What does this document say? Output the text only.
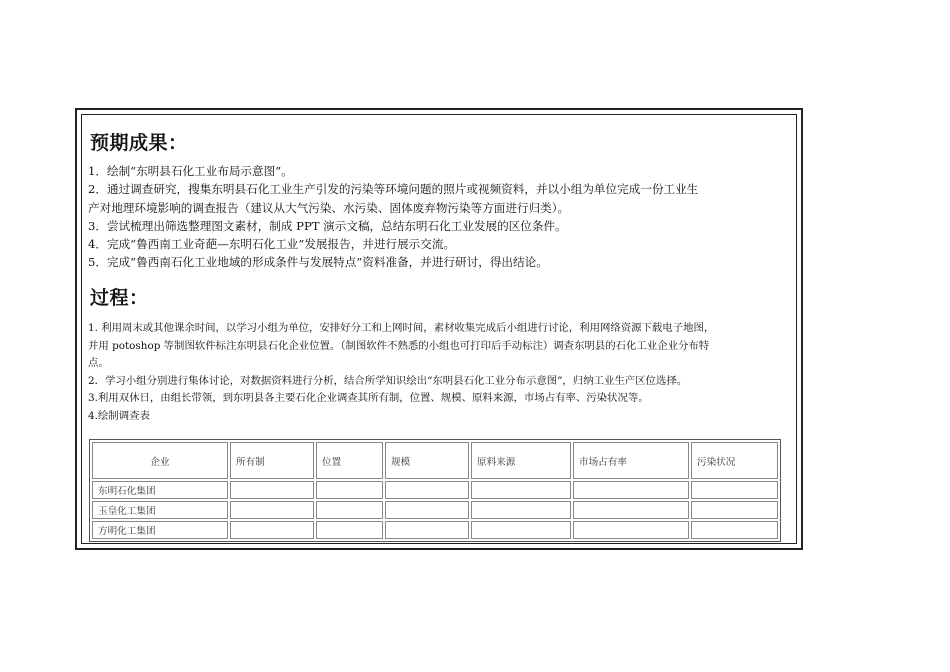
预期成果：
1．绘制“东明县石化工业布局示意图”。
2．通过调查研究，搜集东明县石化工业生产引发的污染等环境问题的照片或视频资料，并以小组为单位完成一份工业生
产对地理环境影响的调查报告（建议从大气污染、水污染、固体废弃物污染等方面进行归类）。
3．尝试梳理出筛选整理图文素材，制成 PPT 演示文稿，总结东明石化工业发展的区位条件。
4．完成“鲁西南工业奇葩—东明石化工业”发展报告，并进行展示交流。
5．完成“鲁西南石化工业地域的形成条件与发展特点”资料准备，并进行研讨，得出结论。
过程：
1. 利用周末或其他课余时间，以学习小组为单位，安排好分工和上网时间，素材收集完成后小组进行讨论，利用网络资源下载电子地图，
并用 potoshop 等制图软件标注东明县石化企业位置。（制图软件不熟悉的小组也可打印后手动标注）调查东明县的石化工业企业分布特
点。
2．学习小组分别进行集体讨论，对数据资料进行分析，结合所学知识绘出“东明县石化工业分布示意图”，归纳工业生产区位选择。
3.利用双休日，由组长带领，到东明县各主要石化企业调查其所有制，位置、规模、原料来源，市场占有率、污染状况等。
4.绘制调查表
企业	所有制	位置	规模	原料来源	市场占有率	污染状况
东明石化集团						
玉皇化工集团						
方明化工集团						
